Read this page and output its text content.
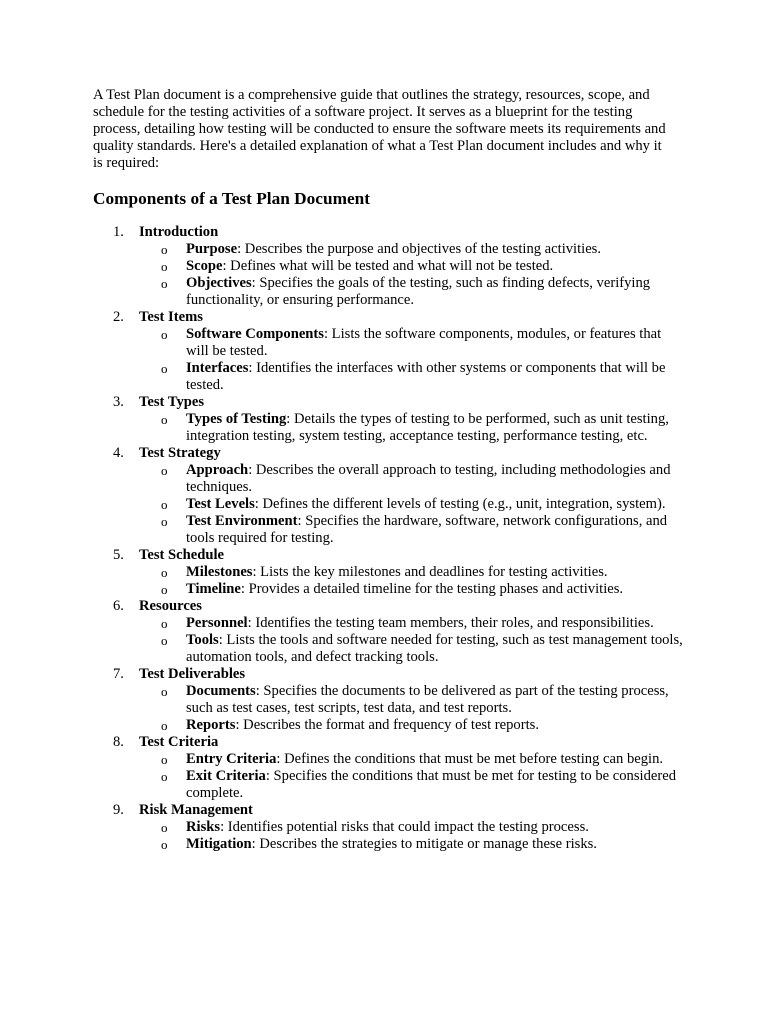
A Test Plan document is a comprehensive guide that outlines the strategy, resources, scope, and schedule for the testing activities of a software project. It serves as a blueprint for the testing process, detailing how testing will be conducted to ensure the software meets its requirements and quality standards. Here's a detailed explanation of what a Test Plan document includes and why it is required:

Components of a Test Plan Document
1.	Introduction
o Purpose: Describes the purpose and objectives of the testing activities.
o Scope: Defines what will be tested and what will not be tested.
o Objectives: Specifies the goals of the testing, such as finding defects, verifying functionality, or ensuring performance.
2.	Test Items
o Software Components: Lists the software components, modules, or features that will be tested.
o Interfaces: Identifies the interfaces with other systems or components that will be tested.
3.	Test Types
o Types of Testing: Details the types of testing to be performed, such as unit testing, integration testing, system testing, acceptance testing, performance testing, etc.
4.	Test Strategy
o Approach: Describes the overall approach to testing, including methodologies and techniques.
o Test Levels: Defines the different levels of testing (e.g., unit, integration, system).
o Test Environment: Specifies the hardware, software, network configurations, and tools required for testing.
5.	Test Schedule
o Milestones: Lists the key milestones and deadlines for testing activities.
o Timeline: Provides a detailed timeline for the testing phases and activities.
6.	Resources
o Personnel: Identifies the testing team members, their roles, and responsibilities.
o Tools: Lists the tools and software needed for testing, such as test management tools, automation tools, and defect tracking tools.
7.	Test Deliverables
o Documents: Specifies the documents to be delivered as part of the testing process, such as test cases, test scripts, test data, and test reports.
o Reports: Describes the format and frequency of test reports.
8.	Test Criteria
o Entry Criteria: Defines the conditions that must be met before testing can begin.
o Exit Criteria: Specifies the conditions that must be met for testing to be considered complete.
9.	Risk Management
o Risks: Identifies potential risks that could impact the testing process.
o Mitigation: Describes the strategies to mitigate or manage these risks.
